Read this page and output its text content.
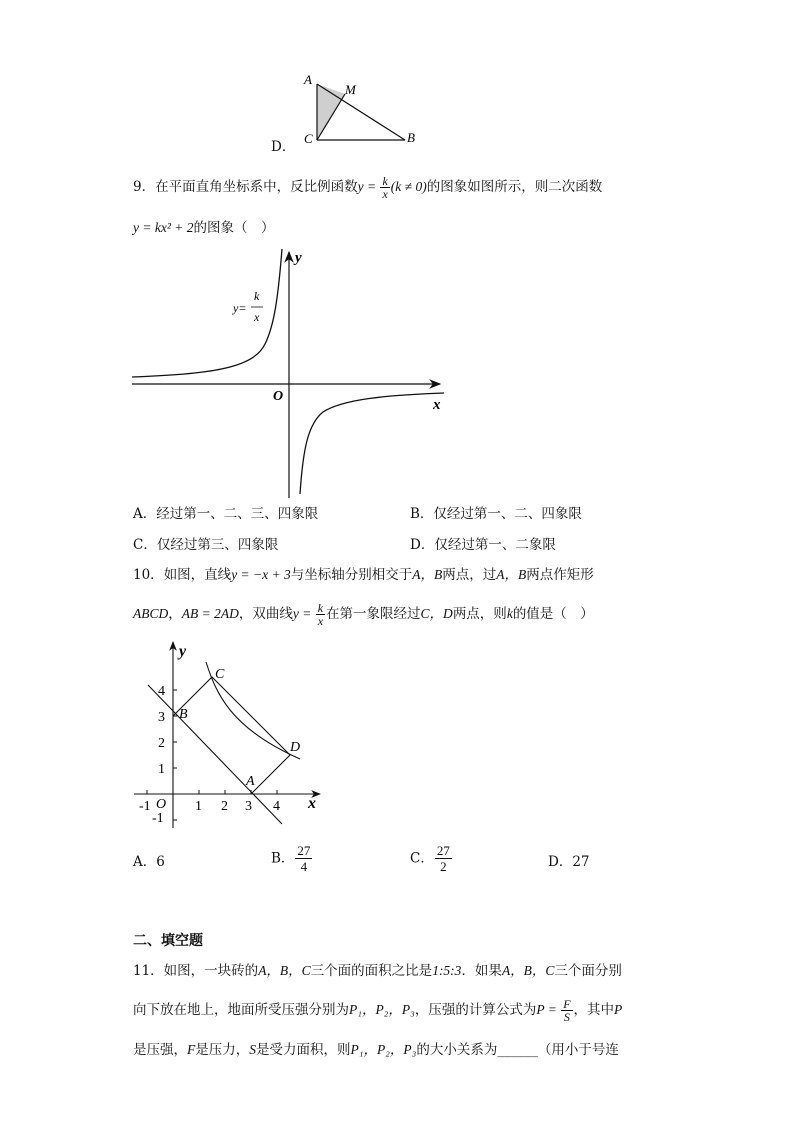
A
M
C	B
D．
9．在平面直角坐标系中，反比例函数$y = \frac{k}{x} (k \ne 0)$的图象如图所示，则二次函数
y = kx² + 2的图象（　）
y
x
O
y=
k
x
A．经过第一、二、三、四象限	B．仅经过第一、二、四象限
C．仅经过第三、四象限	D．仅经过第一、二象限
10．如图，直线y = −x + 3与坐标轴分别相交于A，B两点，过A，B两点作矩形
ABCD，AB = 2AD，双曲线$y = \frac{k}{x}$ 在第一象限经过C，D两点，则k的值是（　）
-1	1 2 3 4
4
3
2
1
-1
O
y
x
A
B
C
D
A．6	B． $\frac{27}{4}$	C． $\frac{27}{2}$	D．27
二、填空题
11．如图，一块砖的A，B，C三个面的面积之比是1:5:3．如果A，B，C三个面分别
向下放在地上，地面所受压强分别为P₁，P₂，P₃，压强的计算公式为$P = \frac{F}{S}$ ，其中P
是压强，F是压力，S是受力面积，则P₁，P₂，P₃的大小关系为______（用小于号连
